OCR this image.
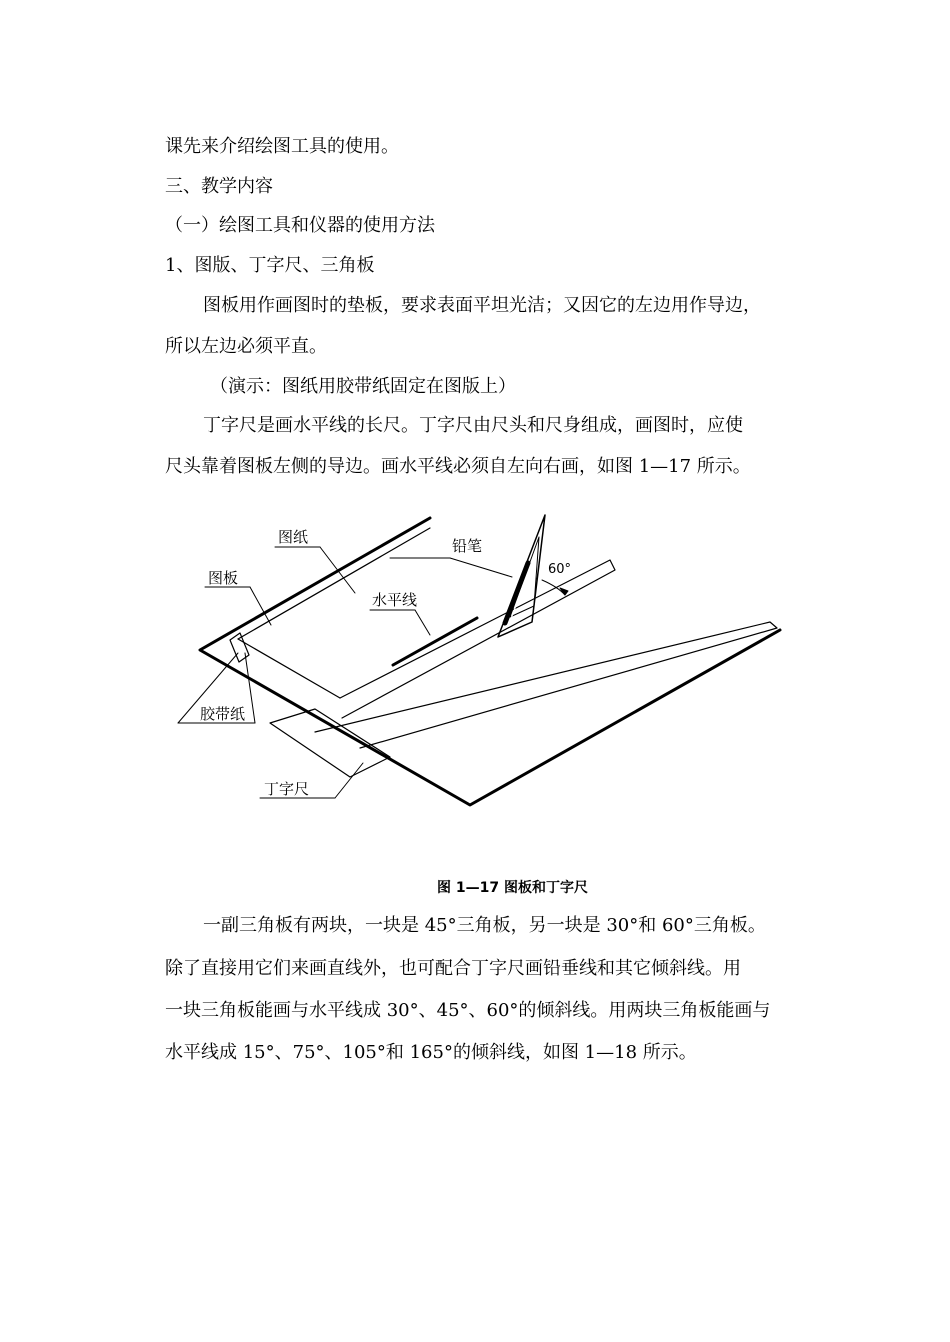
课先来介绍绘图工具的使用。
三、教学内容
（一）绘图工具和仪器的使用方法
1、图版、丁字尺、三角板
图板用作画图时的垫板，要求表面平坦光洁；又因它的左边用作导边，
所以左边必须平直。
（演示：图纸用胶带纸固定在图版上）
丁字尺是画水平线的长尺。丁字尺由尺头和尺身组成，画图时，应使
尺头靠着图板左侧的导边。画水平线必须自左向右画，如图 1—17 所示。
图纸
图板
铅笔
60°
水平线
胶带纸
丁字尺
图 1—17 图板和丁字尺
一副三角板有两块，一块是 45°三角板，另一块是 30°和 60°三角板。
除了直接用它们来画直线外，也可配合丁字尺画铅垂线和其它倾斜线。用
一块三角板能画与水平线成 30°、45°、60°的倾斜线。用两块三角板能画与
水平线成 15°、75°、105°和 165°的倾斜线，如图 1—18 所示。
